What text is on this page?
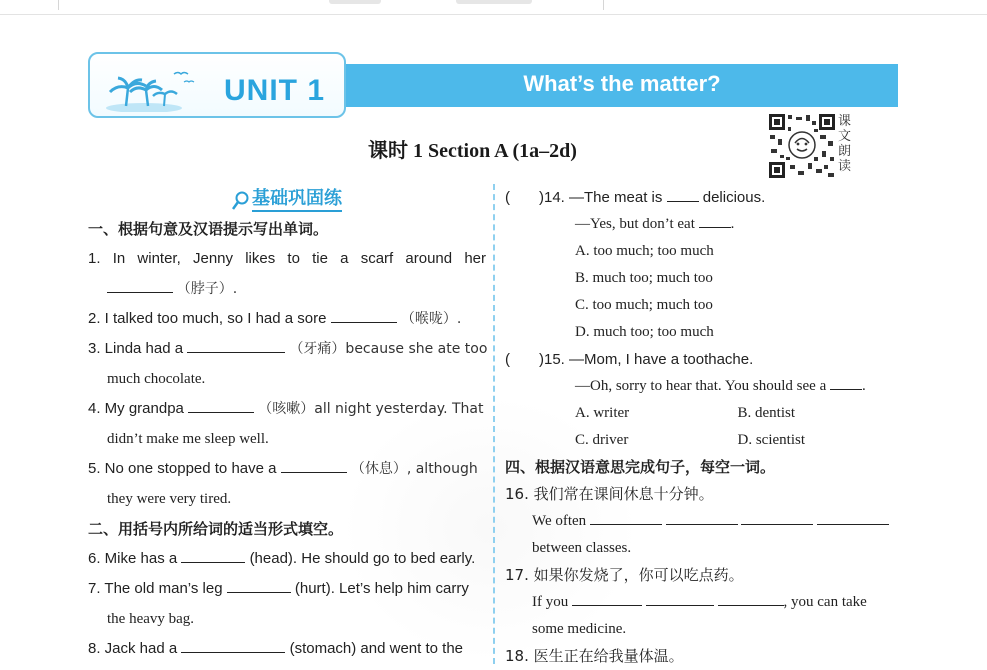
UNIT 1	What’s the matter?
课时 1 Section A (1a–2d)
课
文
朗
读
基础巩固练
一、根据句意及汉语提示写出单词。
1. In winter, Jenny likes to tie a scarf around her
（脖子）.
2. I talked too much, so I had a sore	（喉咙）.
3. Linda had a	（牙痛）because she ate too
much chocolate.
4. My grandpa	（咳嗽）all night yesterday. That
didn’t make me sleep well.
5. No one stopped to have a	（休息）, although
they were very tired.
二、用括号内所给词的适当形式填空。
6. Mike has a	(head). He should go to bed early.
7. The old man’s leg	(hurt). Let’s help him carry
the heavy bag.
8. Jack had a	(stomach) and went to the
( )14. —The meat is	delicious.
—Yes, but don’t eat .
A. too much; too much
B. much too; much too
C. too much; much too
D. much too; too much
( )15. —Mom, I have a toothache.
—Oh, sorry to hear that. You should see a .
A. writer	B. dentist
C. driver	D. scientist
四、根据汉语意思完成句子，每空一词。
16. 我们常在课间休息十分钟。
We often
between classes.
17. 如果你发烧了，你可以吃点药。
If you	, you can take
some medicine.
18. 医生正在给我量体温。
